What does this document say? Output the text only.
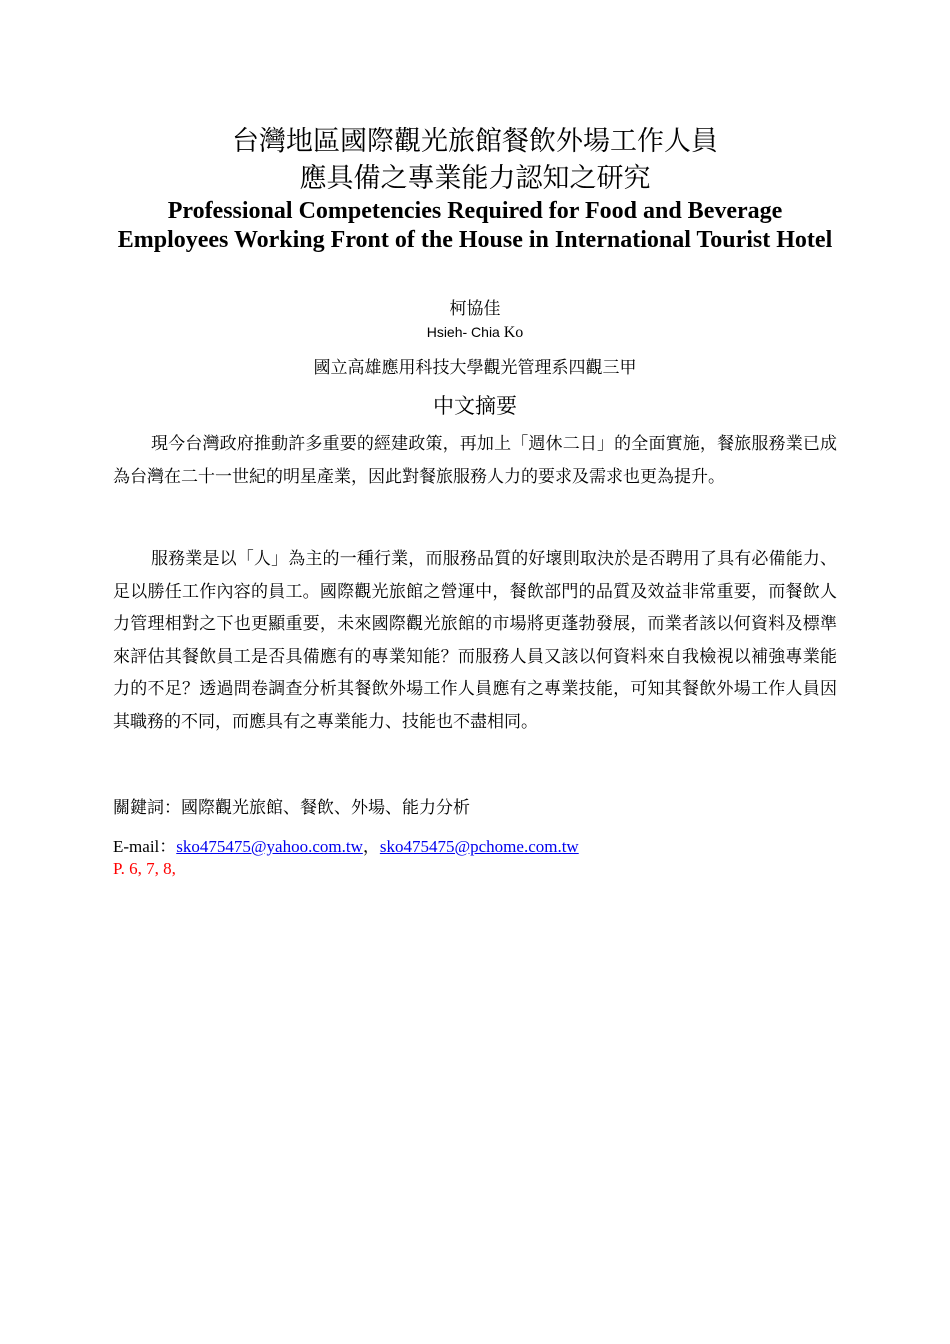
台灣地區國際觀光旅館餐飲外場工作人員
應具備之專業能力認知之研究
Professional Competencies Required for Food and Beverage Employees Working Front of the House in International Tourist Hotel
柯協佳
Hsieh- Chia Ko
國立高雄應用科技大學觀光管理系四觀三甲
中文摘要
現今台灣政府推動許多重要的經建政策，再加上「週休二日」的全面實施，餐旅服務業已成為台灣在二十一世紀的明星產業，因此對餐旅服務人力的要求及需求也更為提升。
服務業是以「人」為主的一種行業，而服務品質的好壞則取決於是否聘用了具有必備能力、足以勝任工作內容的員工。國際觀光旅館之營運中，餐飲部門的品質及效益非常重要，而餐飲人力管理相對之下也更顯重要，未來國際觀光旅館的市場將更蓬勃發展，而業者該以何資料及標準來評估其餐飲員工是否具備應有的專業知能？而服務人員又該以何資料來自我檢視以補強專業能力的不足？透過問卷調查分析其餐飲外場工作人員應有之專業技能，可知其餐飲外場工作人員因其職務的不同，而應具有之專業能力、技能也不盡相同。
關鍵詞：國際觀光旅館、餐飲、外場、能力分析
E-mail：sko475475@yahoo.com.tw，sko475475@pchome.com.tw
P. 6, 7, 8,
